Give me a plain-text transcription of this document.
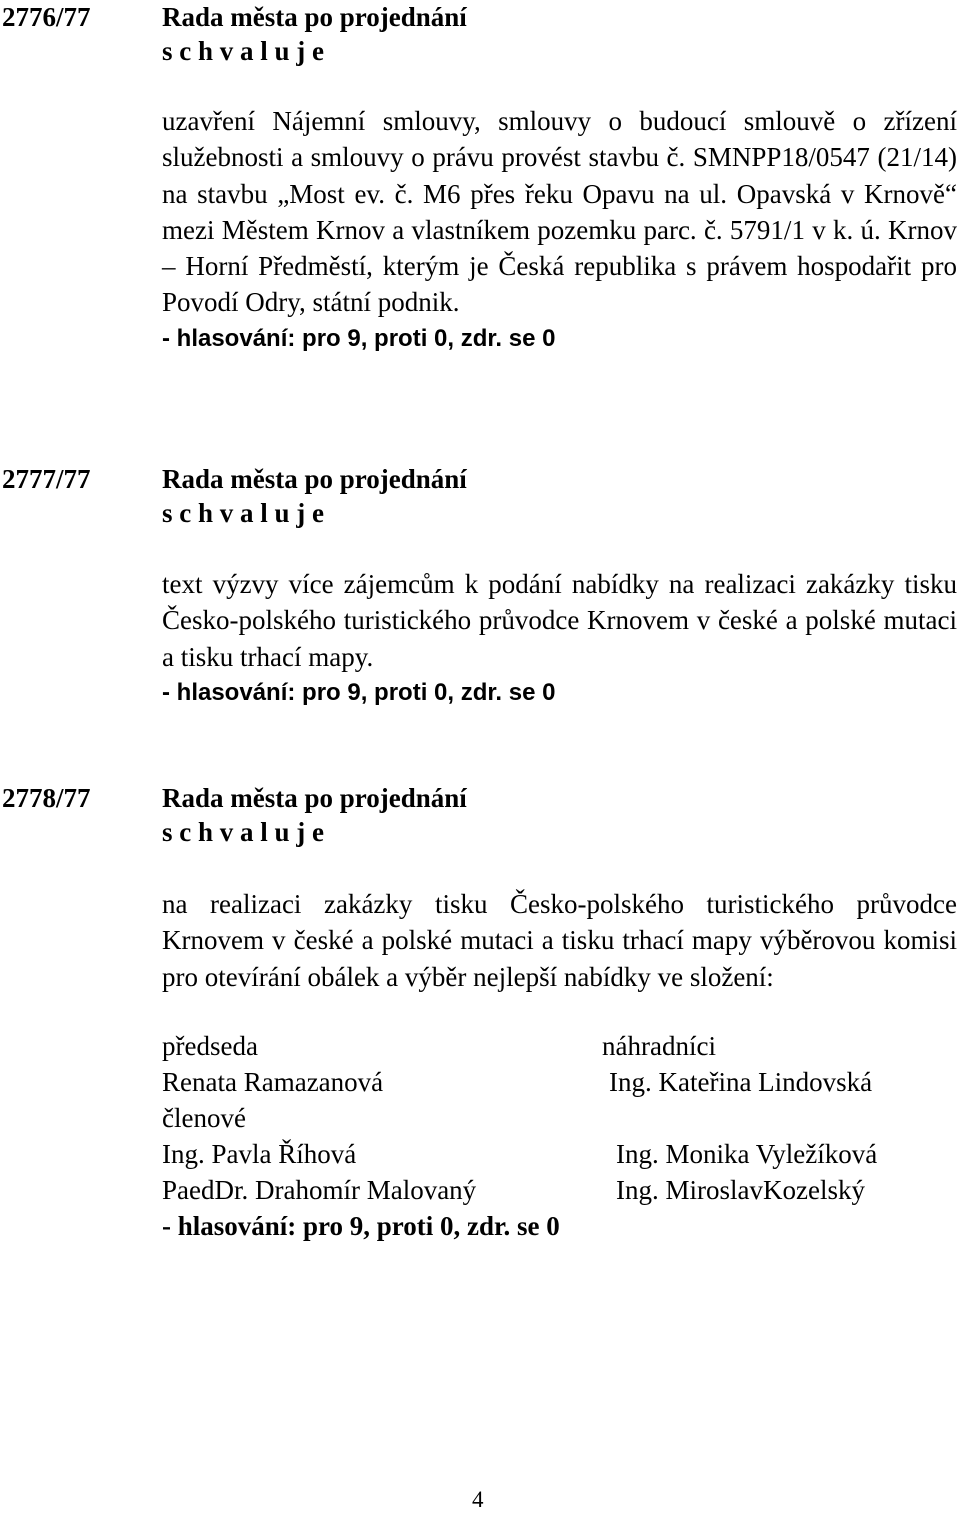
2776/77	Rada města po projednání
s c h v a l u j e

uzavření Nájemní smlouvy, smlouvy o budoucí smlouvě o zřízení služebnosti a smlouvy o právu provést stavbu č. SMNPP18/0547 (21/14) na stavbu „Most ev. č. M6 přes řeku Opavu na ul. Opavská v Krnově“ mezi Městem Krnov a vlastníkem pozemku parc. č. 5791/1 v k. ú. Krnov – Horní Předměstí, kterým je Česká republika s právem hospodařit pro Povodí Odry, státní podnik.

- hlasování: pro 9, proti 0, zdr. se 0
2777/77	Rada města po projednání
s c h v a l u j e

text výzvy více zájemcům k podání nabídky na realizaci zakázky tisku Česko-polského turistického průvodce Krnovem v české a polské mutaci a tisku trhací mapy.

- hlasování: pro 9, proti 0, zdr. se 0
2778/77	Rada města po projednání
s c h v a l u j e

na realizaci zakázky tisku Česko-polského turistického průvodce Krnovem v české a polské mutaci a tisku trhací mapy výběrovou komisi pro otevírání obálek a výběr nejlepší nabídky ve složení:

předseda	náhradníci
Renata Ramazanová	Ing. Kateřina Lindovská
členové
Ing. Pavla Říhová	Ing. Monika Vyležíková
PaedDr. Drahomír Malovaný	Ing. MiroslavKozelský
- hlasování: pro 9, proti 0, zdr. se 0
4
